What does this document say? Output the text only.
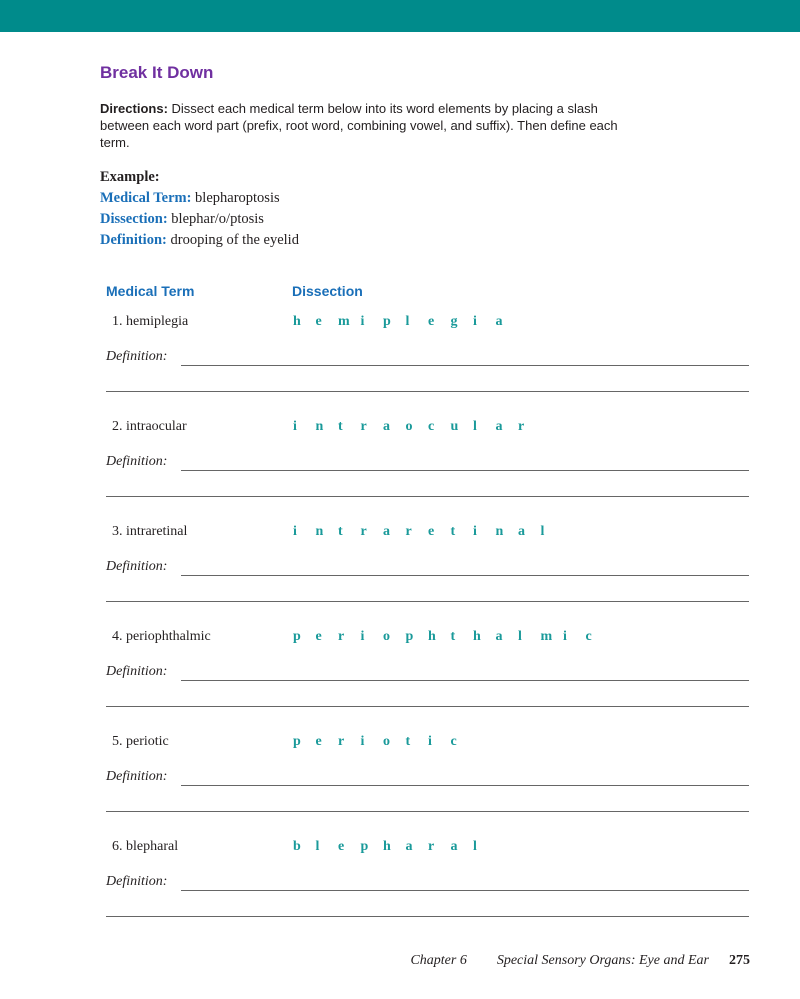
Break It Down
Directions: Dissect each medical term below into its word elements by placing a slash between each word part (prefix, root word, combining vowel, and suffix). Then define each term.
Example:
Medical Term: blepharoptosis
Dissection: blephar/o/ptosis
Definition: drooping of the eyelid
Medical Term	Dissection
1. hemiplegia	h	e	m i	p	l	e	g	i	a
Definition:
2. intraocular	i	n	t	r	a	o	c	u	l	a	r
Definition:
3. intraretinal	i	n	t	r	a	r	e	t	i	n	a	l
Definition:
4. periophthalmic	p	e	r	i	o	p	h	t	h	a	l	m i	c
Definition:
5. periotic	p	e	r	i	o	t	i	c
Definition:
6. blepharal	b	l	e	p	h	a	r	a	l
Definition:
Chapter 6 Special Sensory Organs: Eye and Ear 275
